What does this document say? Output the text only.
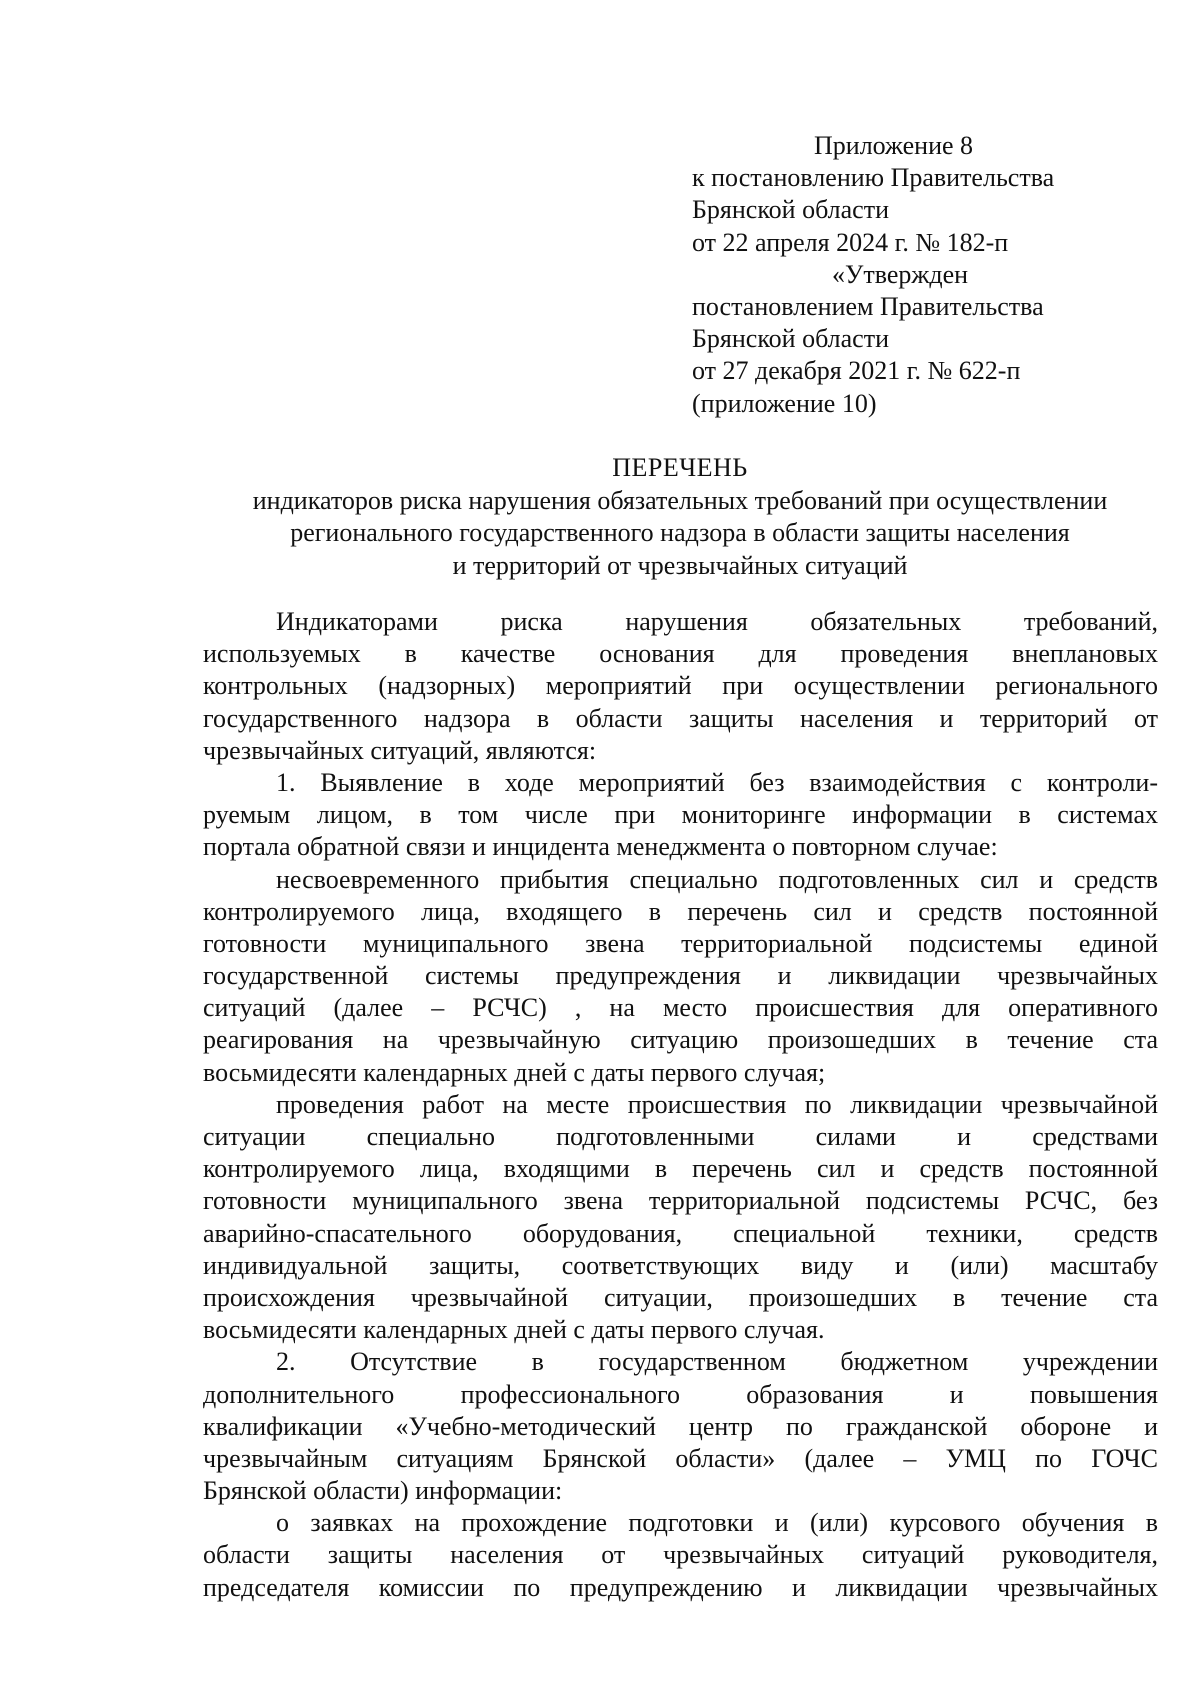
Приложение 8
к постановлению Правительства
Брянской области
от 22 апреля 2024 г. № 182-п
«Утвержден
постановлением Правительства
Брянской области
от 27 декабря 2021 г. № 622-п
(приложение 10)
ПЕРЕЧЕНЬ
индикаторов риска нарушения обязательных требований при осуществлении
регионального государственного надзора в области защиты населения
и территорий от чрезвычайных ситуаций
Индикаторами риска нарушения обязательных требований,
используемых в качестве основания для проведения внеплановых
контрольных (надзорных) мероприятий при осуществлении регионального
государственного надзора в области защиты населения и территорий от
чрезвычайных ситуаций, являются:
1. Выявление в ходе мероприятий без взаимодействия с контроли-
руемым лицом, в том числе при мониторинге информации в системах
портала обратной связи и инцидента менеджмента о повторном случае:
несвоевременного прибытия специально подготовленных сил и средств
контролируемого лица, входящего в перечень сил и средств постоянной
готовности муниципального звена территориальной подсистемы единой
государственной системы предупреждения и ликвидации чрезвычайных
ситуаций (далее – РСЧС) , на место происшествия для оперативного
реагирования на чрезвычайную ситуацию произошедших в течение ста
восьмидесяти календарных дней с даты первого случая;
проведения работ на месте происшествия по ликвидации чрезвычайной
ситуации специально подготовленными силами и средствами
контролируемого лица, входящими в перечень сил и средств постоянной
готовности муниципального звена территориальной подсистемы РСЧС, без
аварийно-спасательного оборудования, специальной техники, средств
индивидуальной защиты, соответствующих виду и (или) масштабу
происхождения чрезвычайной ситуации, произошедших в течение ста
восьмидесяти календарных дней с даты первого случая.
2. Отсутствие в государственном бюджетном учреждении
дополнительного профессионального образования и повышения
квалификации «Учебно-методический центр по гражданской обороне и
чрезвычайным ситуациям Брянской области» (далее – УМЦ по ГОЧС
Брянской области) информации:
о заявках на прохождение подготовки и (или) курсового обучения в
области защиты населения от чрезвычайных ситуаций руководителя,
председателя комиссии по предупреждению и ликвидации чрезвычайных
